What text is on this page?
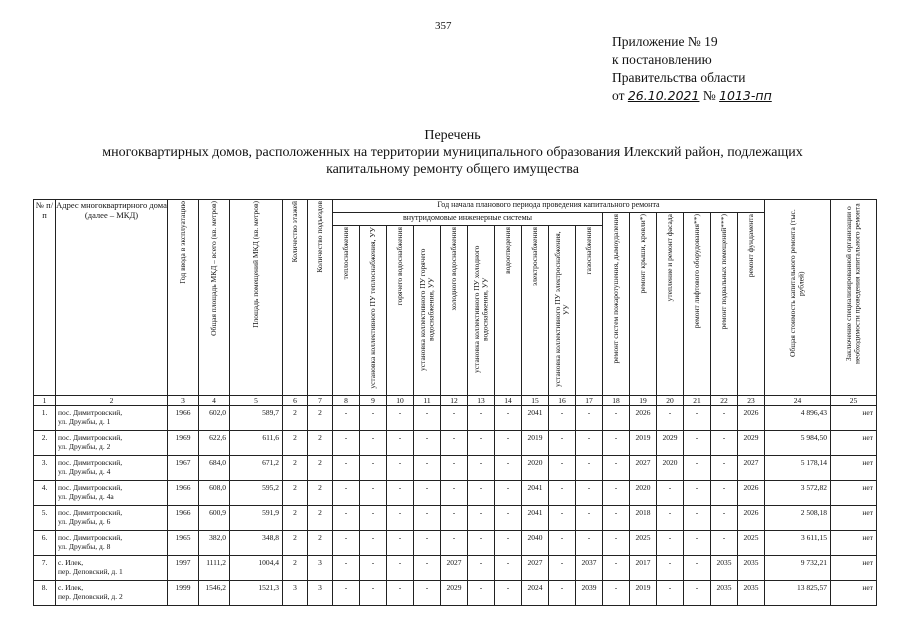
357
Приложение № 19
к постановлению
Правительства области
от 26.10.2021 № 1013-пп
Перечень
многоквартирных домов, расположенных на территории муниципального образования Илекский район, подлежащих
капитальному ремонту общего имущества
№ п/п	Адрес многоквартирного дома (далее – МКД)	Год ввода в эксплуатацию	Общая площадь МКД – всего (кв. метров)	Площадь помещений МКД (кв. метров)	Количество этажей	Количество подъездов	Год начала планового периода проведения капитального ремонта																Общая стоимость капитального ремонта (тыс. рублей)	Заключение специализированной организации о необходимости проведения капитального ремонта
							внутридомовые инженерные системы										ремонт систем пожаротушения, дымоудаления	ремонт крыши, кровли*)	утепление и ремонт фасада	ремонт лифтового оборудования**)	ремонт подвальных помещений***)	ремонт фундамента		
							теплоснабжения	установка коллективного ПУ теплоснабжения, УУ	горячего водоснабжения	установка коллективного ПУ горячего водоснабжения, УУ	холодного водоснабжения	установка коллективного ПУ холодного водоснабжения, УУ	водоотведения	электроснабжения	установка коллективного ПУ электроснабжения, УУ	газоснабжения								
1	2	3	4	5	6	7	8	9	10	11	12	13	14	15	16	17	18	19	20	21	22	23	24	25
1.	пос. Димитровский,
ул. Дружбы, д. 1	1966	602,0	589,7	2	2	-	-	-	-	-	-	-	2041	-	-	-	2026	-	-	-	2026	4 896,43	нет
2.	пос. Димитровский,
ул. Дружбы, д. 2	1969	622,6	611,6	2	2	-	-	-	-	-	-	-	2019	-	-	-	2019	2029	-	-	2029	5 984,50	нет
3.	пос. Димитровский,
ул. Дружбы, д. 4	1967	684,0	671,2	2	2	-	-	-	-	-	-	-	2020	-	-	-	2027	2020	-	-	2027	5 178,14	нет
4.	пос. Димитровский,
ул. Дружбы, д. 4а	1966	608,0	595,2	2	2	-	-	-	-	-	-	-	2041	-	-	-	2020	-	-	-	2026	3 572,82	нет
5.	пос. Димитровский,
ул. Дружбы, д. 6	1966	600,9	591,9	2	2	-	-	-	-	-	-	-	2041	-	-	-	2018	-	-	-	2026	2 508,18	нет
6.	пос. Димитровский,
ул. Дружбы, д. 8	1965	382,0	348,8	2	2	-	-	-	-	-	-	-	2040	-	-	-	2025	-	-	-	2025	3 611,15	нет
7.	с. Илек,
пер. Деповский, д. 1	1997	1111,2	1004,4	2	3	-	-	-	-	2027	-	-	2027	-	2037	-	2017	-	-	2035	2035	9 732,21	нет
8.	с. Илек,
пер. Деповский, д. 2	1999	1546,2	1521,3	3	3	-	-	-	-	2029	-	-	2024	-	2039	-	2019	-	-	2035	2035	13 825,57	нет
